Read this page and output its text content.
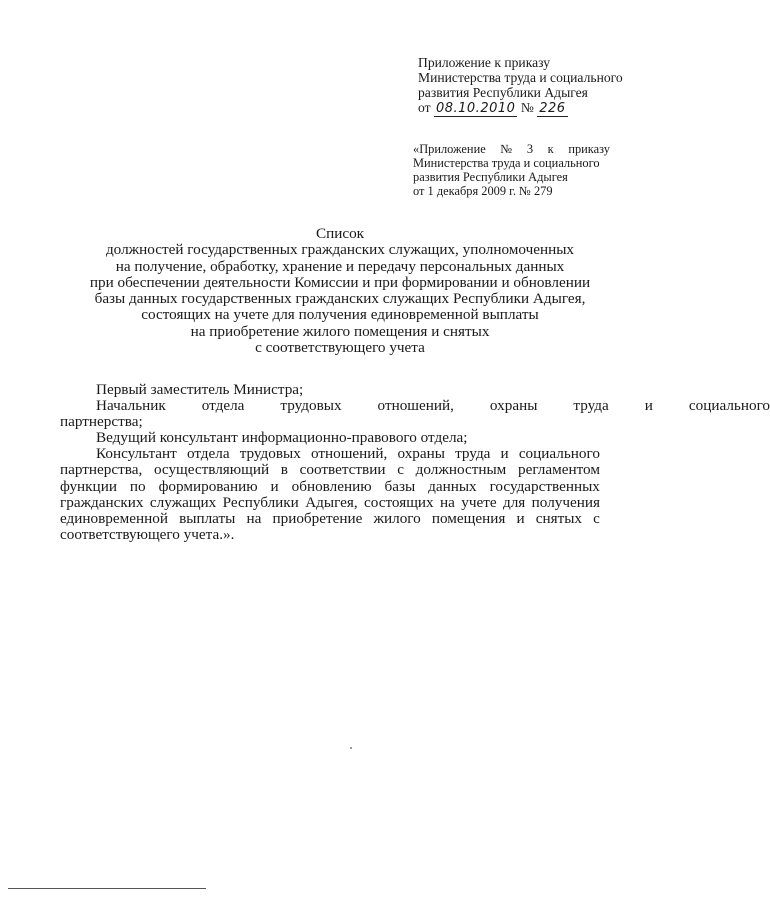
Приложение к приказу
Министерства труда и социального
развития Республики Адыгея
от 08.10.2010 № 226
«Приложение № 3 к приказу
Министерства труда и социального
развития Республики Адыгея
от 1 декабря 2009 г. № 279
Список
должностей государственных гражданских служащих, уполномоченных
на получение, обработку, хранение и передачу персональных данных
при обеспечении деятельности Комиссии и при формировании и обновлении
базы данных государственных гражданских служащих Республики Адыгея,
состоящих на учете для получения единовременной выплаты
на приобретение жилого помещения и снятых
с соответствующего учета

Первый заместитель Министра;

Начальник	отдела	трудовых	отношений,	охраны	труда	и	социального
партнерства;

Ведущий консультант информационно-правового отдела;

Консультант отдела трудовых отношений, охраны труда и социального
партнерства, осуществляющий в соответствии с должностным регламентом
функции по формированию и обновлению базы данных государственных
гражданских служащих Республики Адыгея, состоящих на учете для получения
единовременной выплаты на приобретение жилого помещения и снятых с
соответствующего учета.».
